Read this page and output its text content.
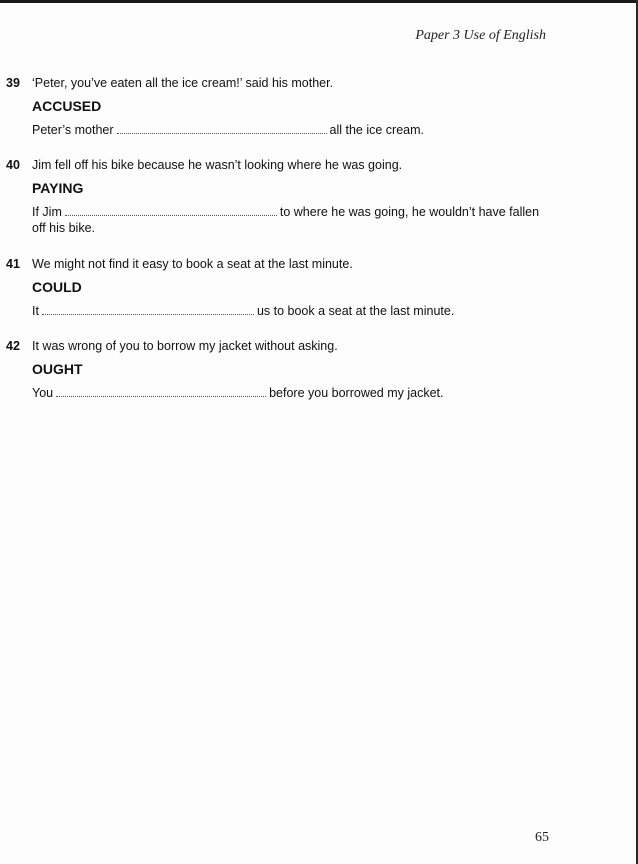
Paper 3 Use of English
39 ‘Peter, you’ve eaten all the ice cream!’ said his mother.
ACCUSED
Peter’s mother	all the ice cream.
40 Jim fell off his bike because he wasn’t looking where he was going.
PAYING
If Jim	to where he was going, he wouldn’t have fallen
off his bike.
41 We might not find it easy to book a seat at the last minute.
COULD
It	us to book a seat at the last minute.
42 It was wrong of you to borrow my jacket without asking.
OUGHT
You	before you borrowed my jacket.
65
